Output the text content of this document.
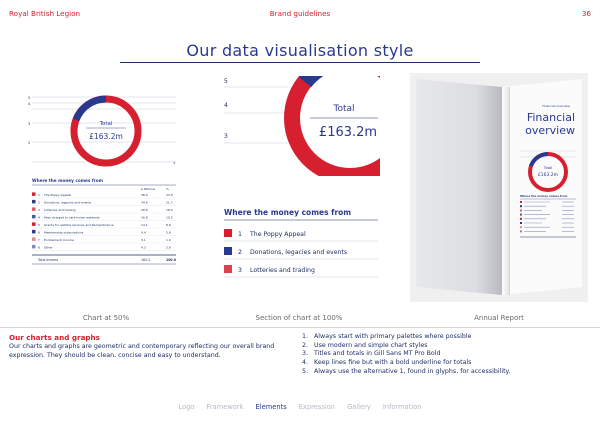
Royal British Legion	Brand guidelines	36
Our data visualisation style
5
4
3
2
1
Total
£163.2m
Where the money comes from
£ Millions	%
1	The Poppy Appeal	38.0	23.9
2 Donations, legacies and events	34.6	21.7
3 Lotteries and trading	28.9	18.4
4 Fees charged to care home residents	16.8	10.2
5 Grants for welfare services and Remembrance	14.1	8.6
6 Membership subscriptions	9.4	5.8
7 Endowment income	3.1	1.9
8 Other	4.3	2.6
Total Income	163.2	100.0
5
4
3
Total
£163.2m
Where the money comes from
1 The Poppy Appeal
2 Donations, legacies and events
3 Lotteries and trading
Financial overview
Financial
overview
Total
£163.2m
Where the money comes from
Chart at 50%	Section of chart at 100%	Annual Report
Our charts and graphs
Our charts and graphs are geometric and contemporary reflecting our overall brand expression. They should be clean, concise and easy to understand.
1. Always start with primary palettes where possible
2. Use modern and simple chart styles
3. Titles and totals in Gill Sans MT Pro Bold
4. Keep lines fine but with a bold underline for totals
5. Always use the alternative 1, found in glyphs, for accessibility.
Logo Framework Elements Expression Gallery Information
